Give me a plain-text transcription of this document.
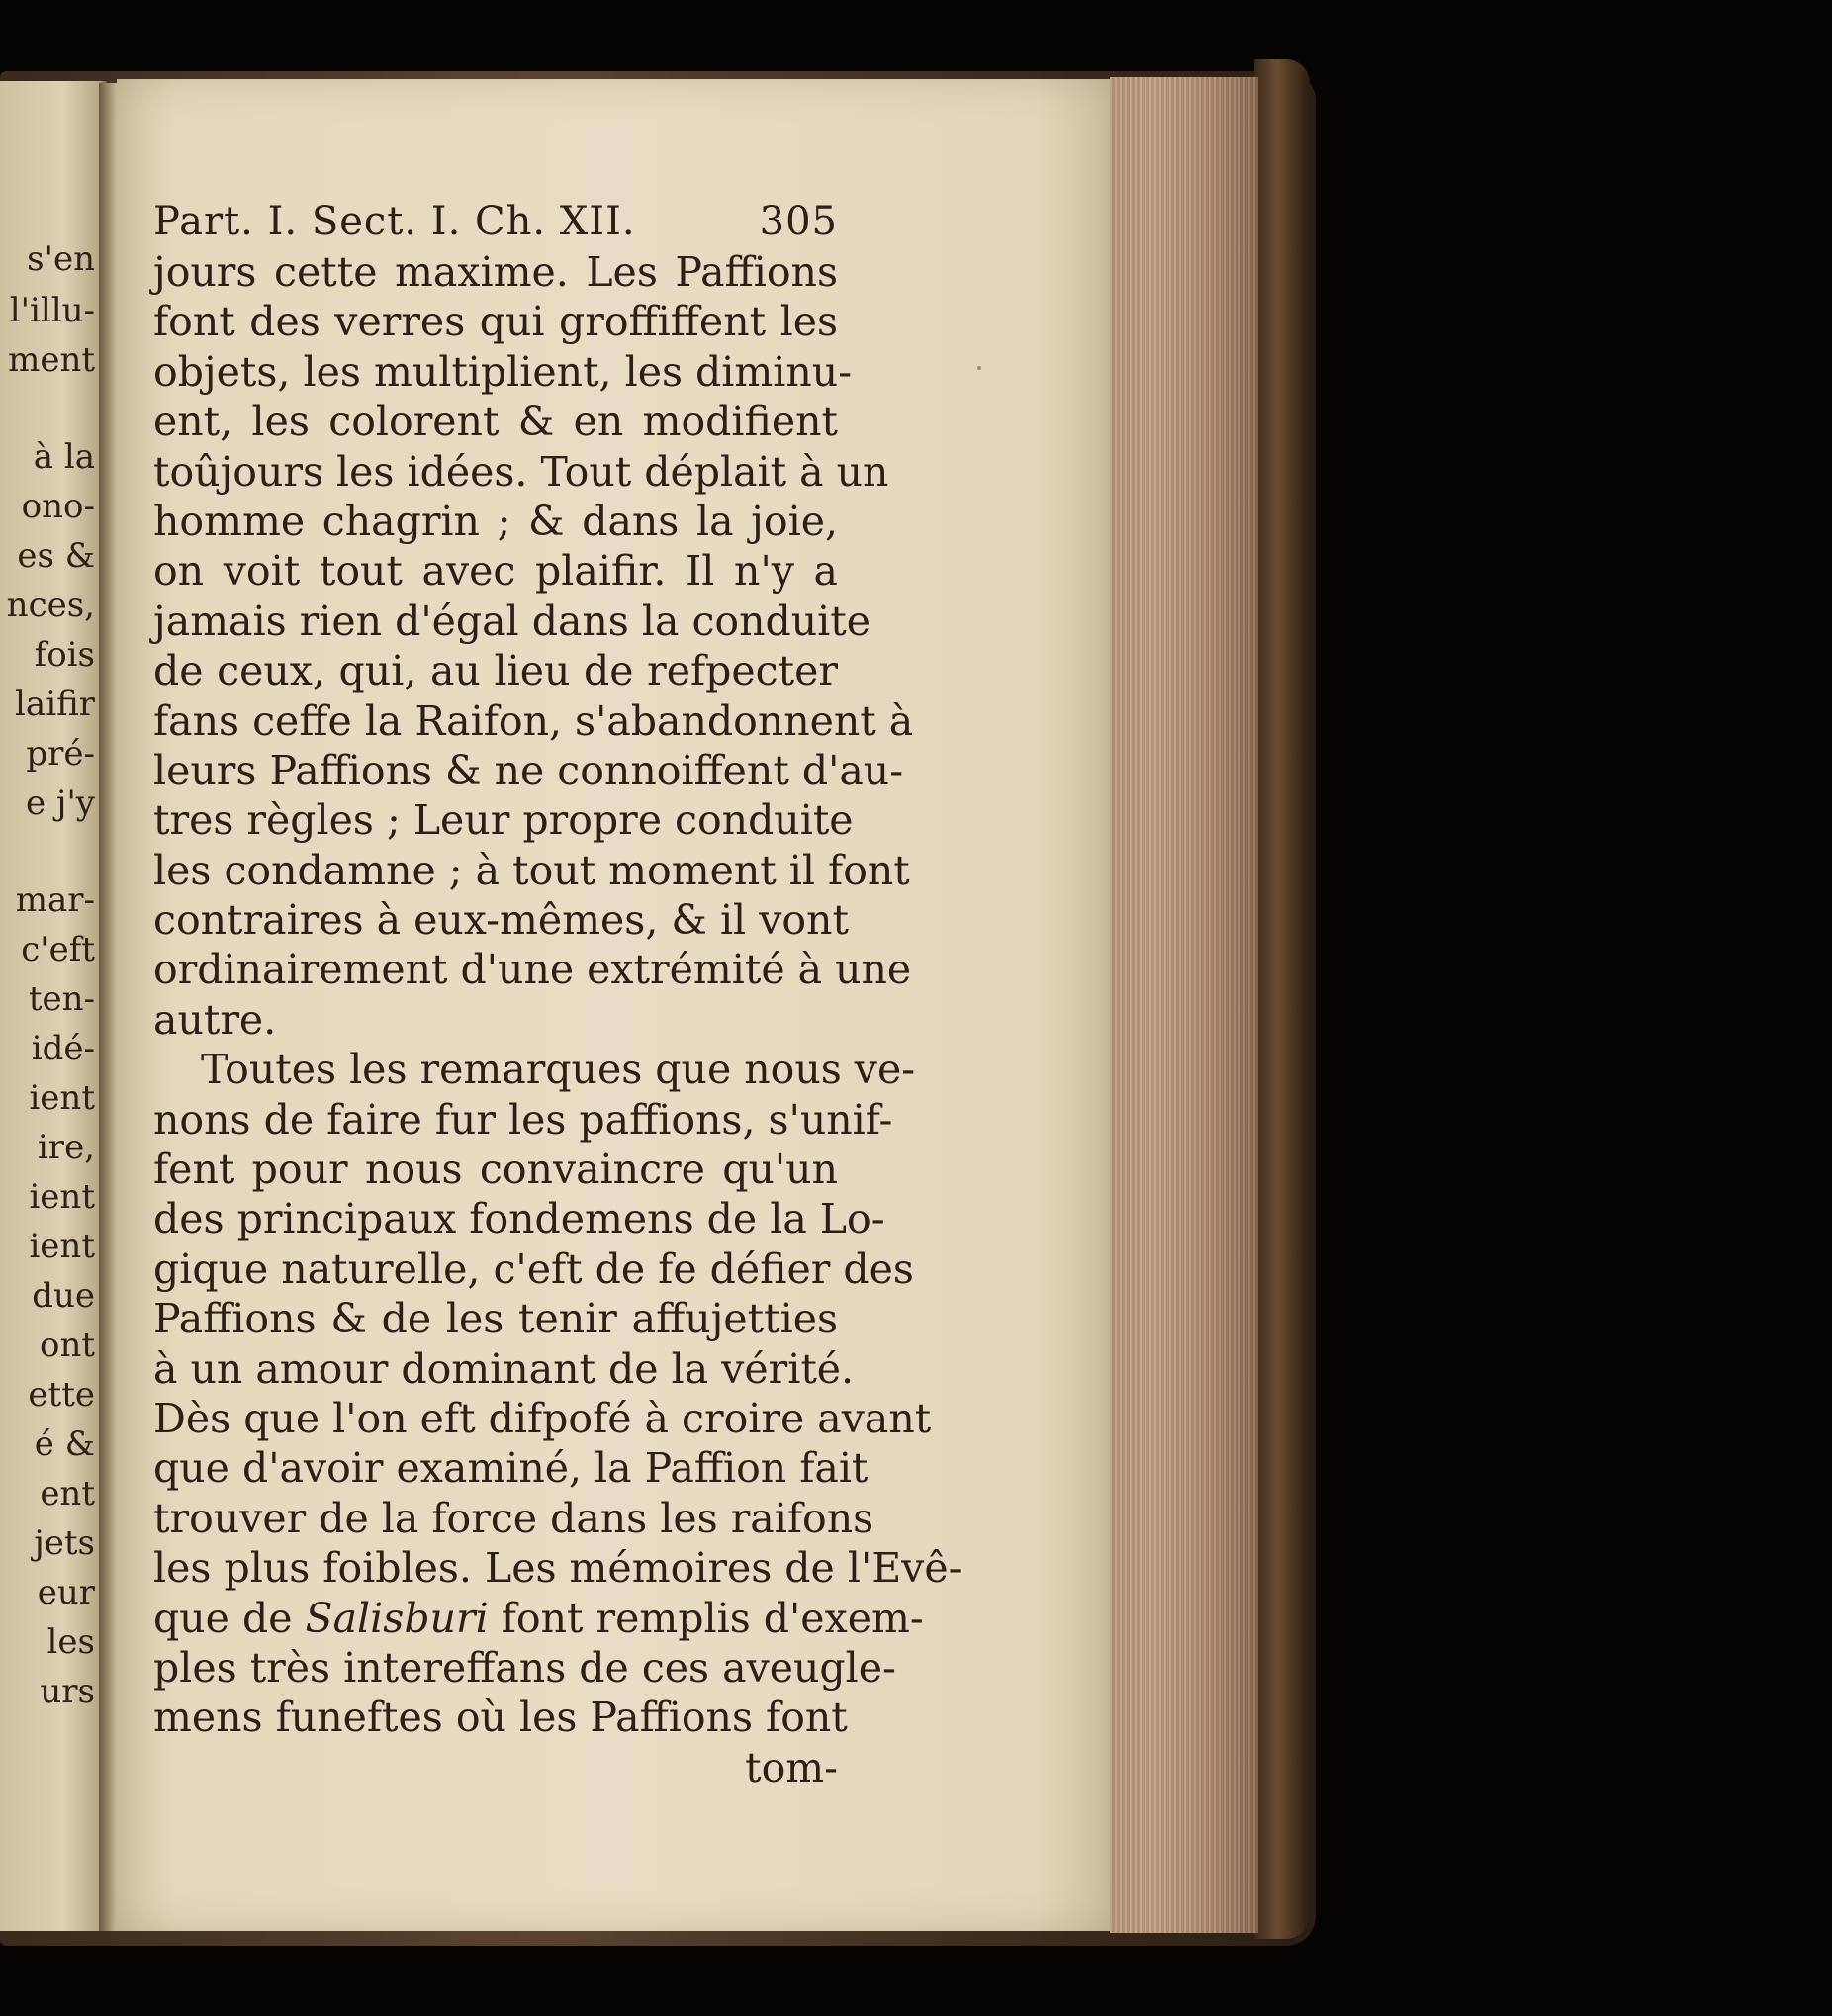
s'en
l'illu-
ment
à la
ono-
es &
nces,
fois
laifir
pré-
e j'y
mar-
c'eft
ten-
idé-
ient
ire,
ient
ient
due
ont
ette
é &
ent
jets
eur
les
urs
Part. I. Sect. I. Ch. XII.	305
jours cette maxime. Les Paffions
font des verres qui groffiffent les
objets, les multiplient, les diminu-
ent, les colorent & en modifient
toûjours les idées. Tout déplait à un
homme chagrin ; & dans la joie,
on voit tout avec plaifir. Il n'y a
jamais rien d'égal dans la conduite
de ceux, qui, au lieu de refpecter
fans ceffe la Raifon, s'abandonnent à
leurs Paffions & ne connoiffent d'au-
tres règles ; Leur propre conduite
les condamne ; à tout moment il font
contraires à eux-mêmes, & il vont
ordinairement d'une extrémité à une
autre.
Toutes les remarques que nous ve-
nons de faire fur les paffions, s'unif-
fent pour nous convaincre qu'un
des principaux fondemens de la Lo-
gique naturelle, c'eft de fe défier des
Paffions & de les tenir affujetties
à un amour dominant de la vérité.
Dès que l'on eft difpofé à croire avant
que d'avoir examiné, la Paffion fait
trouver de la force dans les raifons
les plus foibles. Les mémoires de l'Evê-
que de Salisburi font remplis d'exem-
ples très intereffans de ces aveugle-
mens funeftes où les Paffions font
tom-
